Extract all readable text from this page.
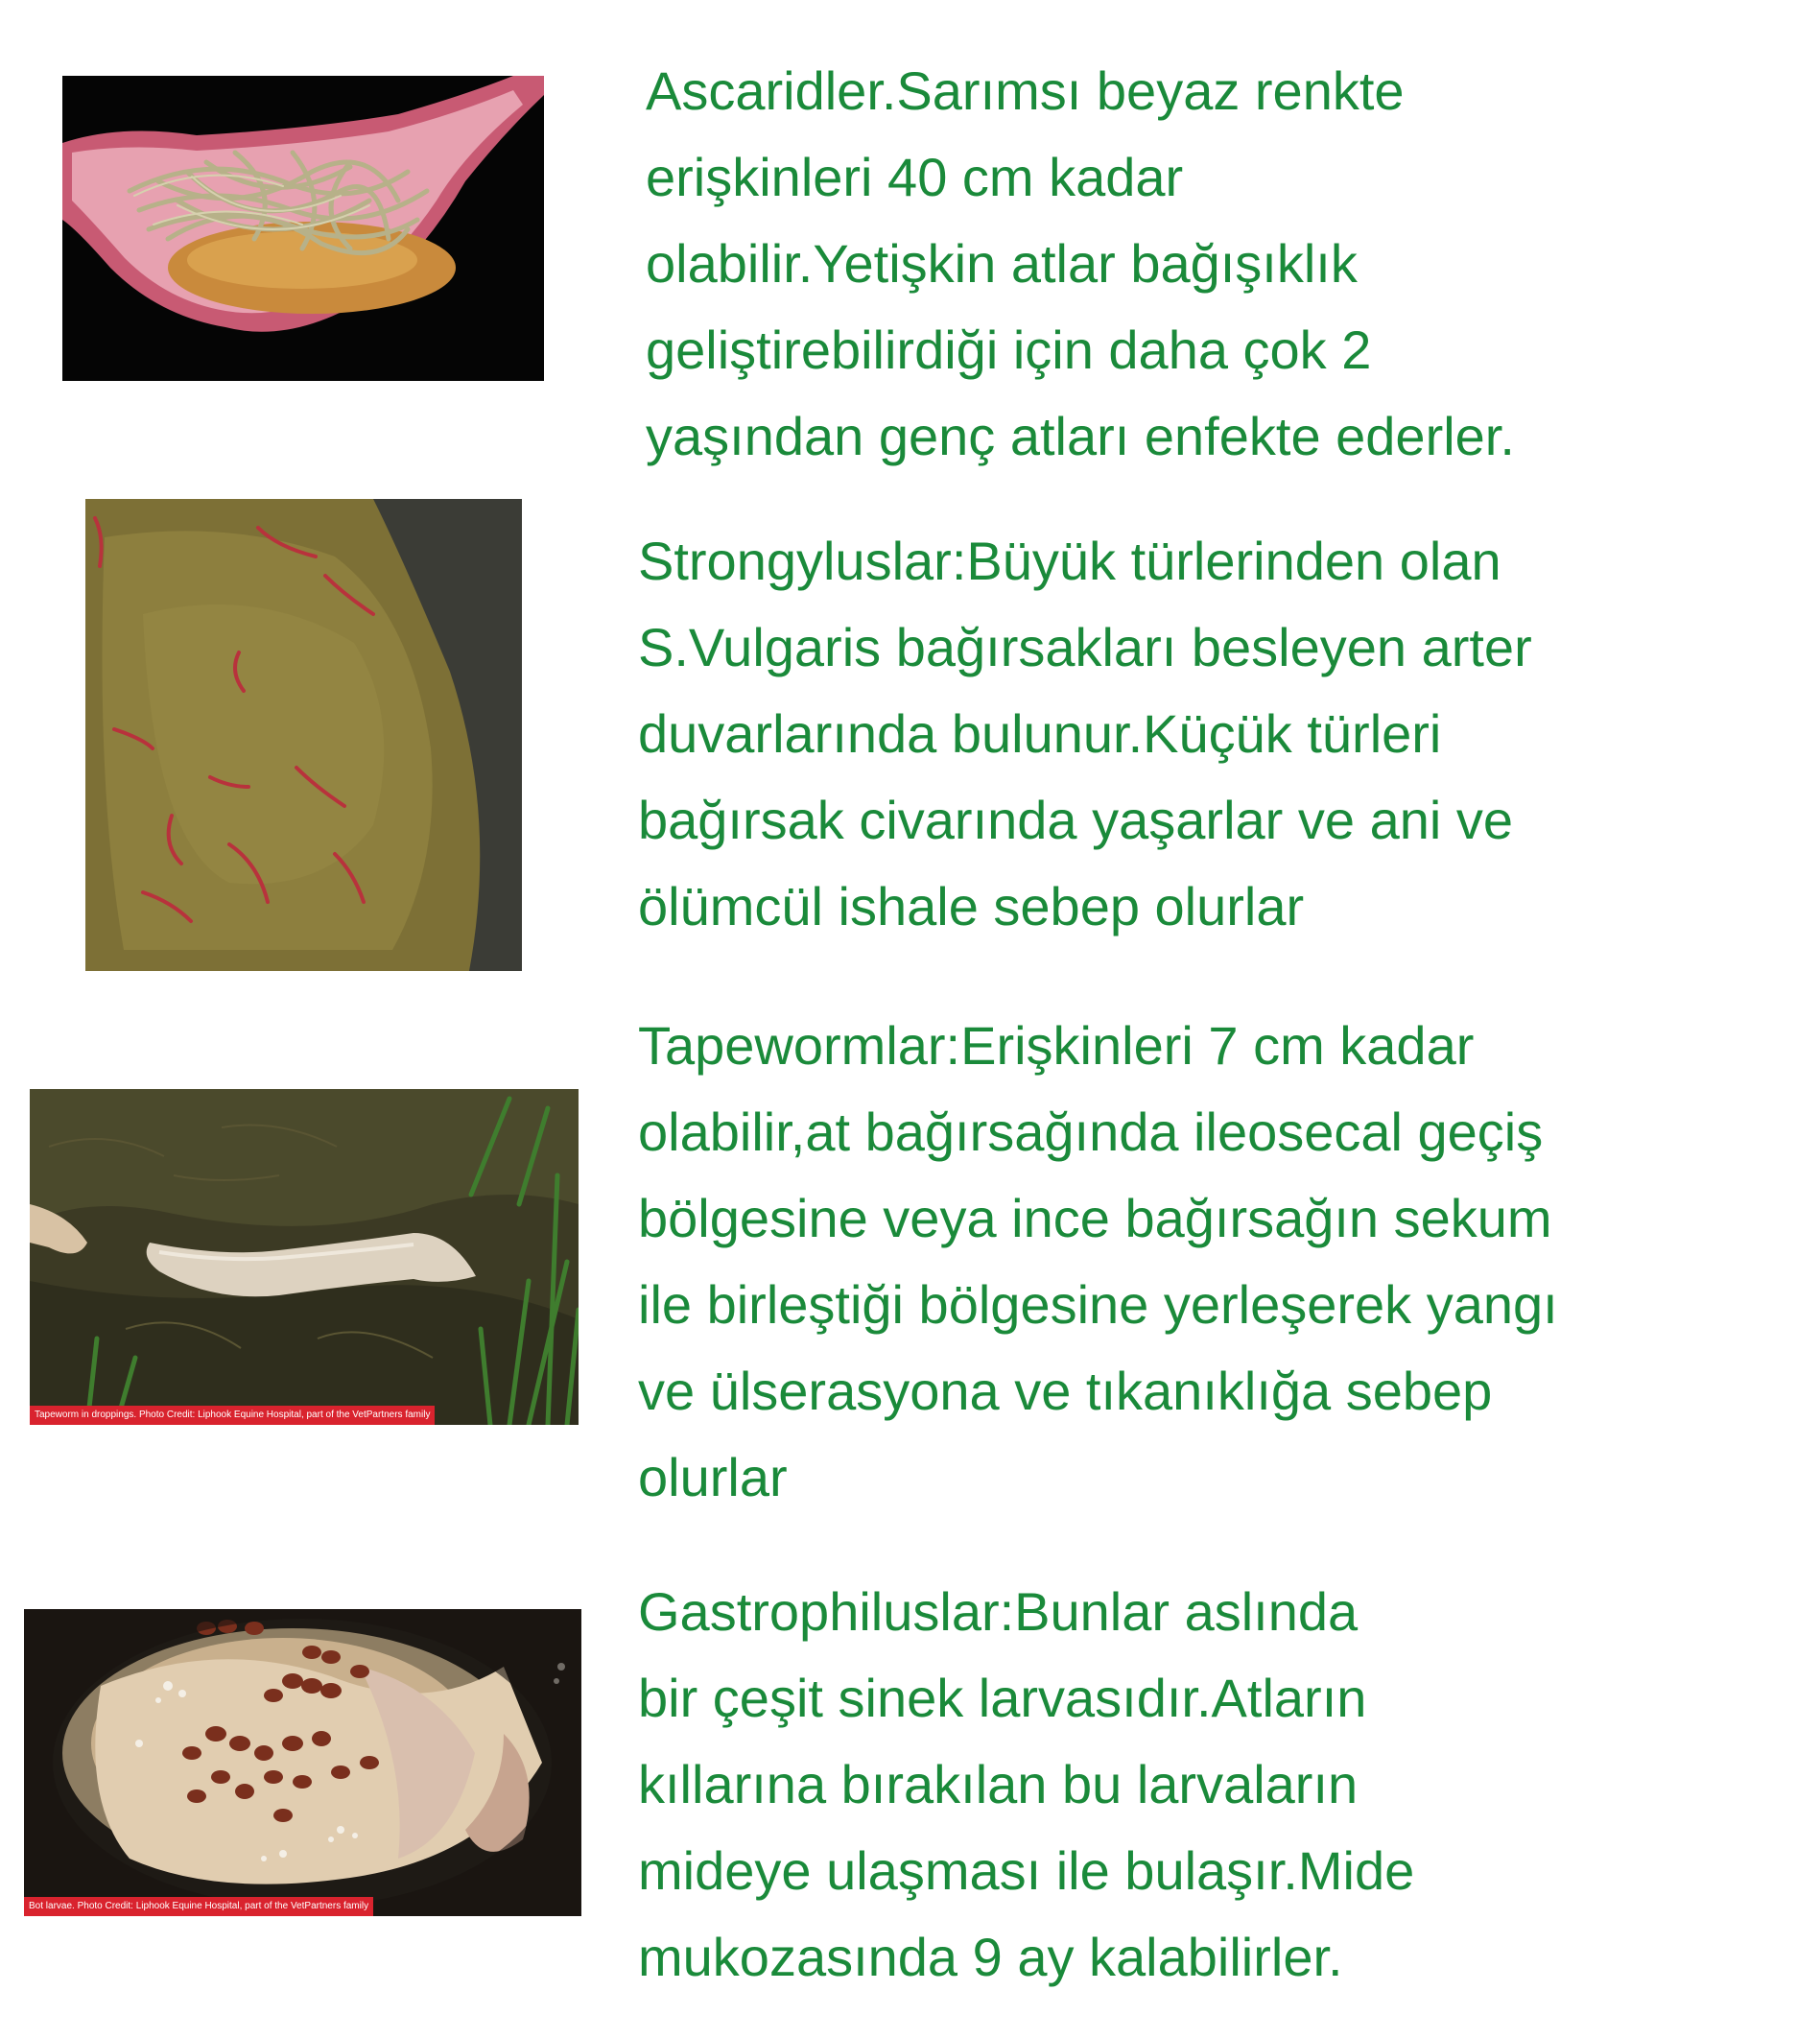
Ascaridler.Sarımsı beyaz renkte
erişkinleri 40 cm kadar
olabilir.Yetişkin atlar bağışıklık
geliştirebilirdiği için daha çok 2
yaşından genç atları enfekte ederler.
Strongyluslar:Büyük türlerinden olan
S.Vulgaris bağırsakları besleyen arter
duvarlarında bulunur.Küçük türleri
bağırsak civarında yaşarlar ve ani ve
ölümcül ishale sebep olurlar
Tapeworm in droppings. Photo Credit: Liphook Equine Hospital, part of the VetPartners family
Tapewormlar:Erişkinleri 7 cm kadar
olabilir,at bağırsağında ileosecal geçiş
bölgesine veya ince bağırsağın sekum
ile birleştiği bölgesine yerleşerek yangı
ve ülserasyona ve tıkanıklığa sebep
olurlar
Bot larvae. Photo Credit: Liphook Equine Hospital, part of the VetPartners family
Gastrophiluslar:Bunlar aslında
bir çeşit sinek larvasıdır.Atların
kıllarına bırakılan bu larvaların
mideye ulaşması ile bulaşır.Mide
mukozasında 9 ay kalabilirler.
